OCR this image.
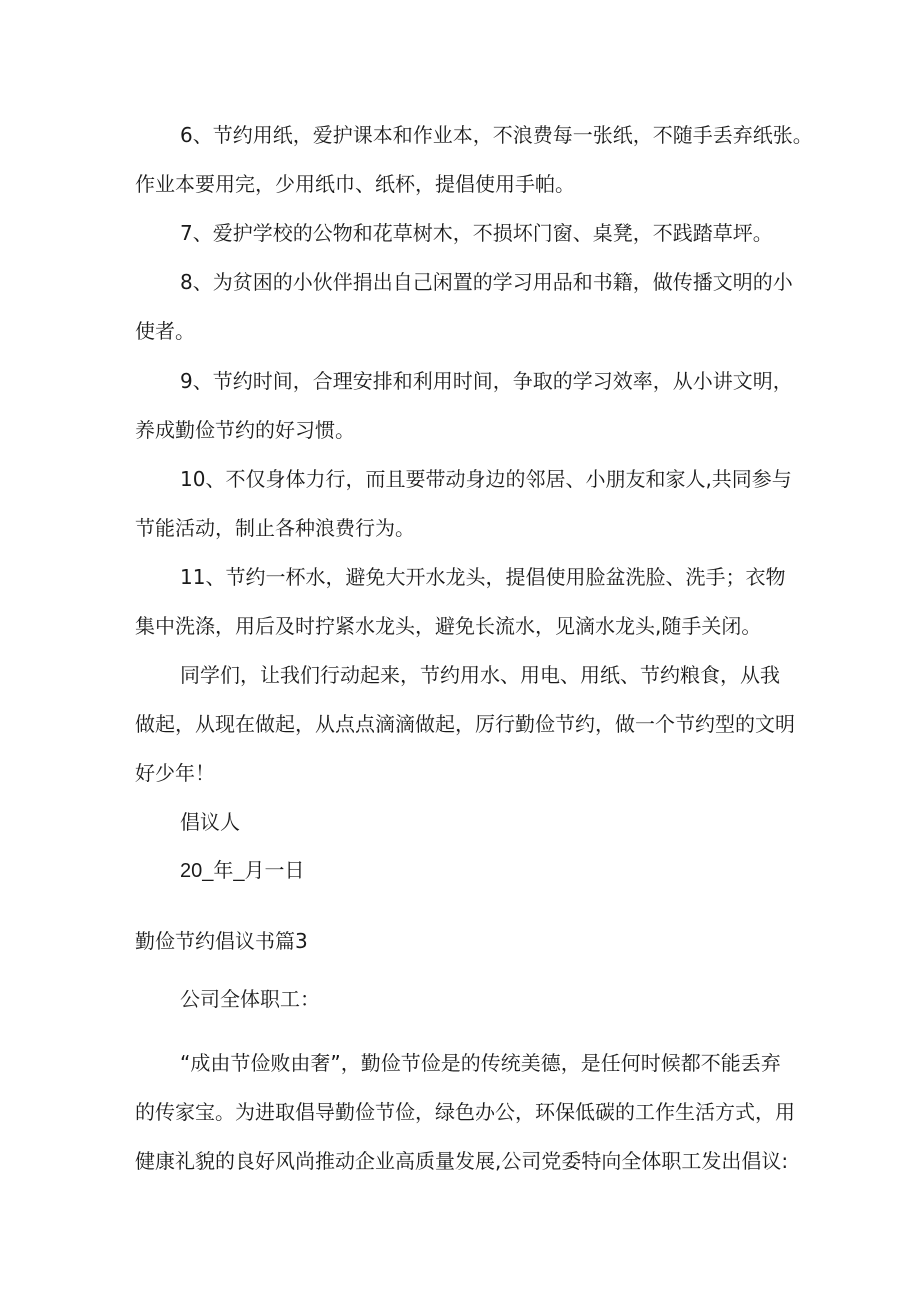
6、节约用纸，爱护课本和作业本，不浪费每一张纸，不随手丢弃纸张。
作业本要用完，少用纸巾、纸杯，提倡使用手帕。
7、爱护学校的公物和花草树木，不损坏门窗、桌凳，不践踏草坪。
8、为贫困的小伙伴捐出自己闲置的学习用品和书籍，做传播文明的小
使者。
9、节约时间，合理安排和利用时间，争取的学习效率，从小讲文明，
养成勤俭节约的好习惯。
10、不仅身体力行，而且要带动身边的邻居、小朋友和家人,共同参与
节能活动，制止各种浪费行为。
11、节约一杯水，避免大开水龙头，提倡使用脸盆洗脸、洗手；衣物
集中洗涤，用后及时拧紧水龙头，避免长流水，见滴水龙头,随手关闭。
同学们，让我们行动起来，节约用水、用电、用纸、节约粮食，从我
做起，从现在做起，从点点滴滴做起，厉行勤俭节约，做一个节约型的文明
好少年！
倡议人
20_年_月一日
勤俭节约倡议书篇3
公司全体职工：
“成由节俭败由奢”，勤俭节俭是的传统美德，是任何时候都不能丢弃
的传家宝。为进取倡导勤俭节俭，绿色办公，环保低碳的工作生活方式，用
健康礼貌的良好风尚推动企业高质量发展,公司党委特向全体职工发出倡议:
